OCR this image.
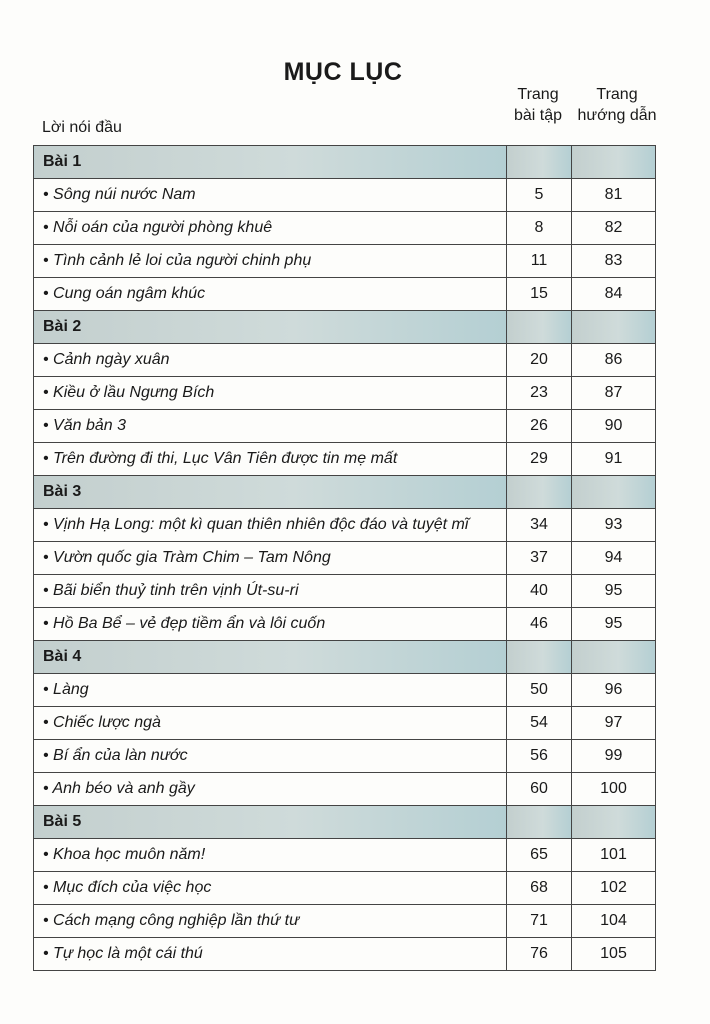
MỤC LỤC
Trang
bài tập
Trang
hướng dẫn
Lời nói đầu
Bài 1		
• Sông núi nước Nam	5	81
• Nỗi oán của người phòng khuê	8	82
• Tình cảnh lẻ loi của người chinh phụ	11	83
• Cung oán ngâm khúc	15	84
Bài 2		
• Cảnh ngày xuân	20	86
• Kiều ở lầu Ngưng Bích	23	87
• Văn bản 3	26	90
• Trên đường đi thi, Lục Vân Tiên được tin mẹ mất	29	91
Bài 3		
• Vịnh Hạ Long: một kì quan thiên nhiên độc đáo và tuyệt mĩ	34	93
• Vườn quốc gia Tràm Chim – Tam Nông	37	94
• Bãi biển thuỷ tinh trên vịnh Út-su-ri	40	95
• Hồ Ba Bể – vẻ đẹp tiềm ẩn và lôi cuốn	46	95
Bài 4		
• Làng	50	96
• Chiếc lược ngà	54	97
• Bí ẩn của làn nước	56	99
• Anh béo và anh gầy	60	100
Bài 5		
• Khoa học muôn năm!	65	101
• Mục đích của việc học	68	102
• Cách mạng công nghiệp lần thứ tư	71	104
• Tự học là một cái thú	76	105
